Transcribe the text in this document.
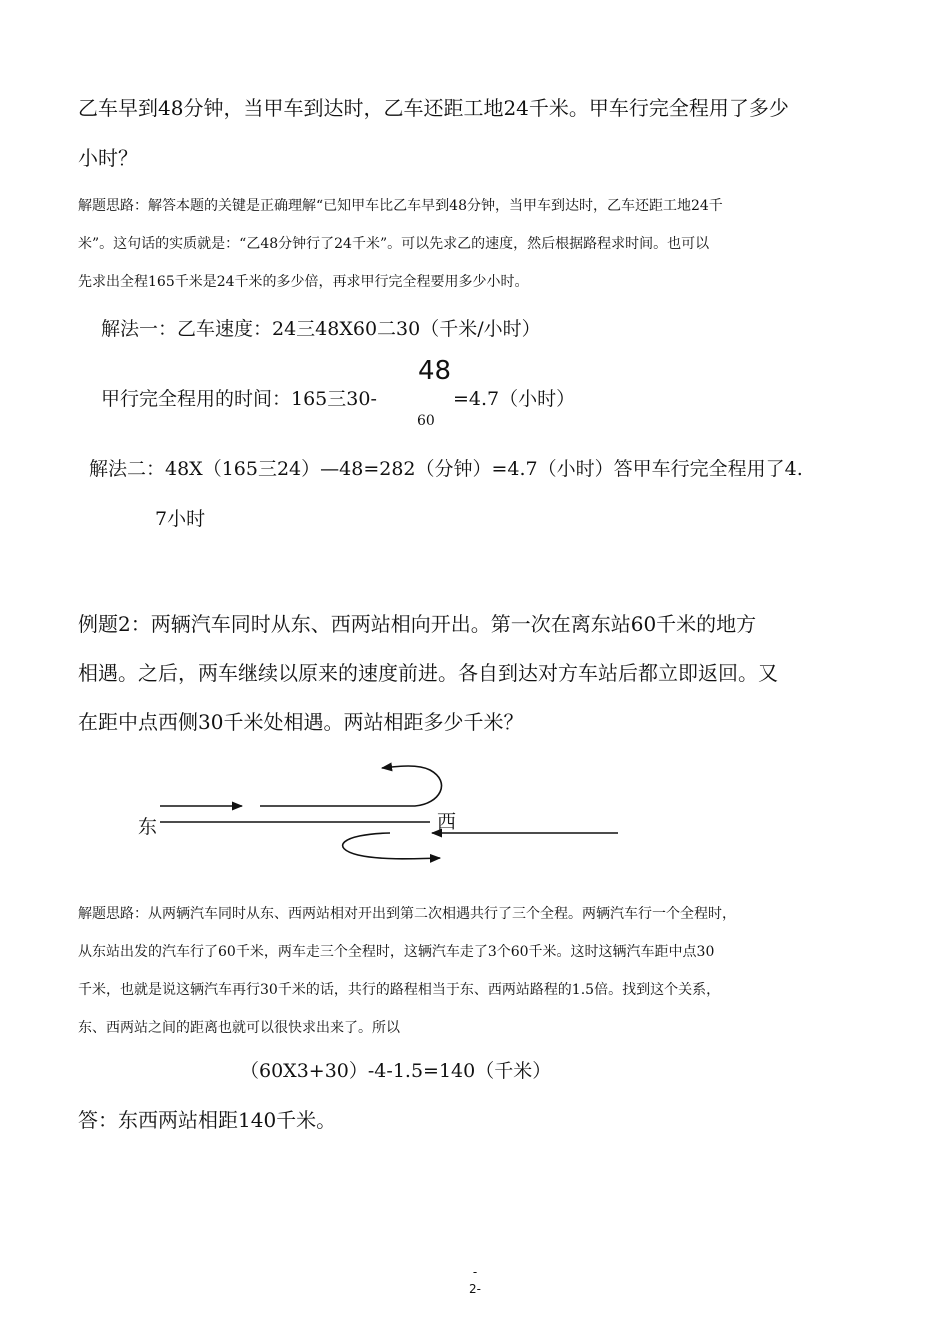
乙车早到48分钟，当甲车到达时，乙车还距工地24千米。甲车行完全程用了多少
小时？
解题思路：解答本题的关键是正确理解“已知甲车比乙车早到48分钟，当甲车到达时，乙车还距工地24千
米”。这句话的实质就是：“乙48分钟行了24千米”。可以先求乙的速度，然后根据路程求时间。也可以
先求出全程165千米是24千米的多少倍，再求甲行完全程要用多少小时。
解法一：乙车速度：24三48X60二30（千米/小时）
甲行完全程用的时间：165三30-
48
60
=4.7（小时）
解法二：48X（165三24）—48=282（分钟）=4.7（小时）答甲车行完全程用了4.
7小时
例题2：两辆汽车同时从东、西两站相向开出。第一次在离东站60千米的地方
相遇。之后，两车继续以原来的速度前进。各自到达对方车站后都立即返回。又
在距中点西侧30千米处相遇。两站相距多少千米？
东	西
解题思路：从两辆汽车同时从东、西两站相对开出到第二次相遇共行了三个全程。两辆汽车行一个全程时，
从东站出发的汽车行了60千米，两车走三个全程时，这辆汽车走了3个60千米。这时这辆汽车距中点30
千米，也就是说这辆汽车再行30千米的话，共行的路程相当于东、西两站路程的1.5倍。找到这个关系，
东、西两站之间的距离也就可以很快求出来了。所以
（60X3+30）-4-1.5=140（千米）
答：东西两站相距140千米。
-
2-
